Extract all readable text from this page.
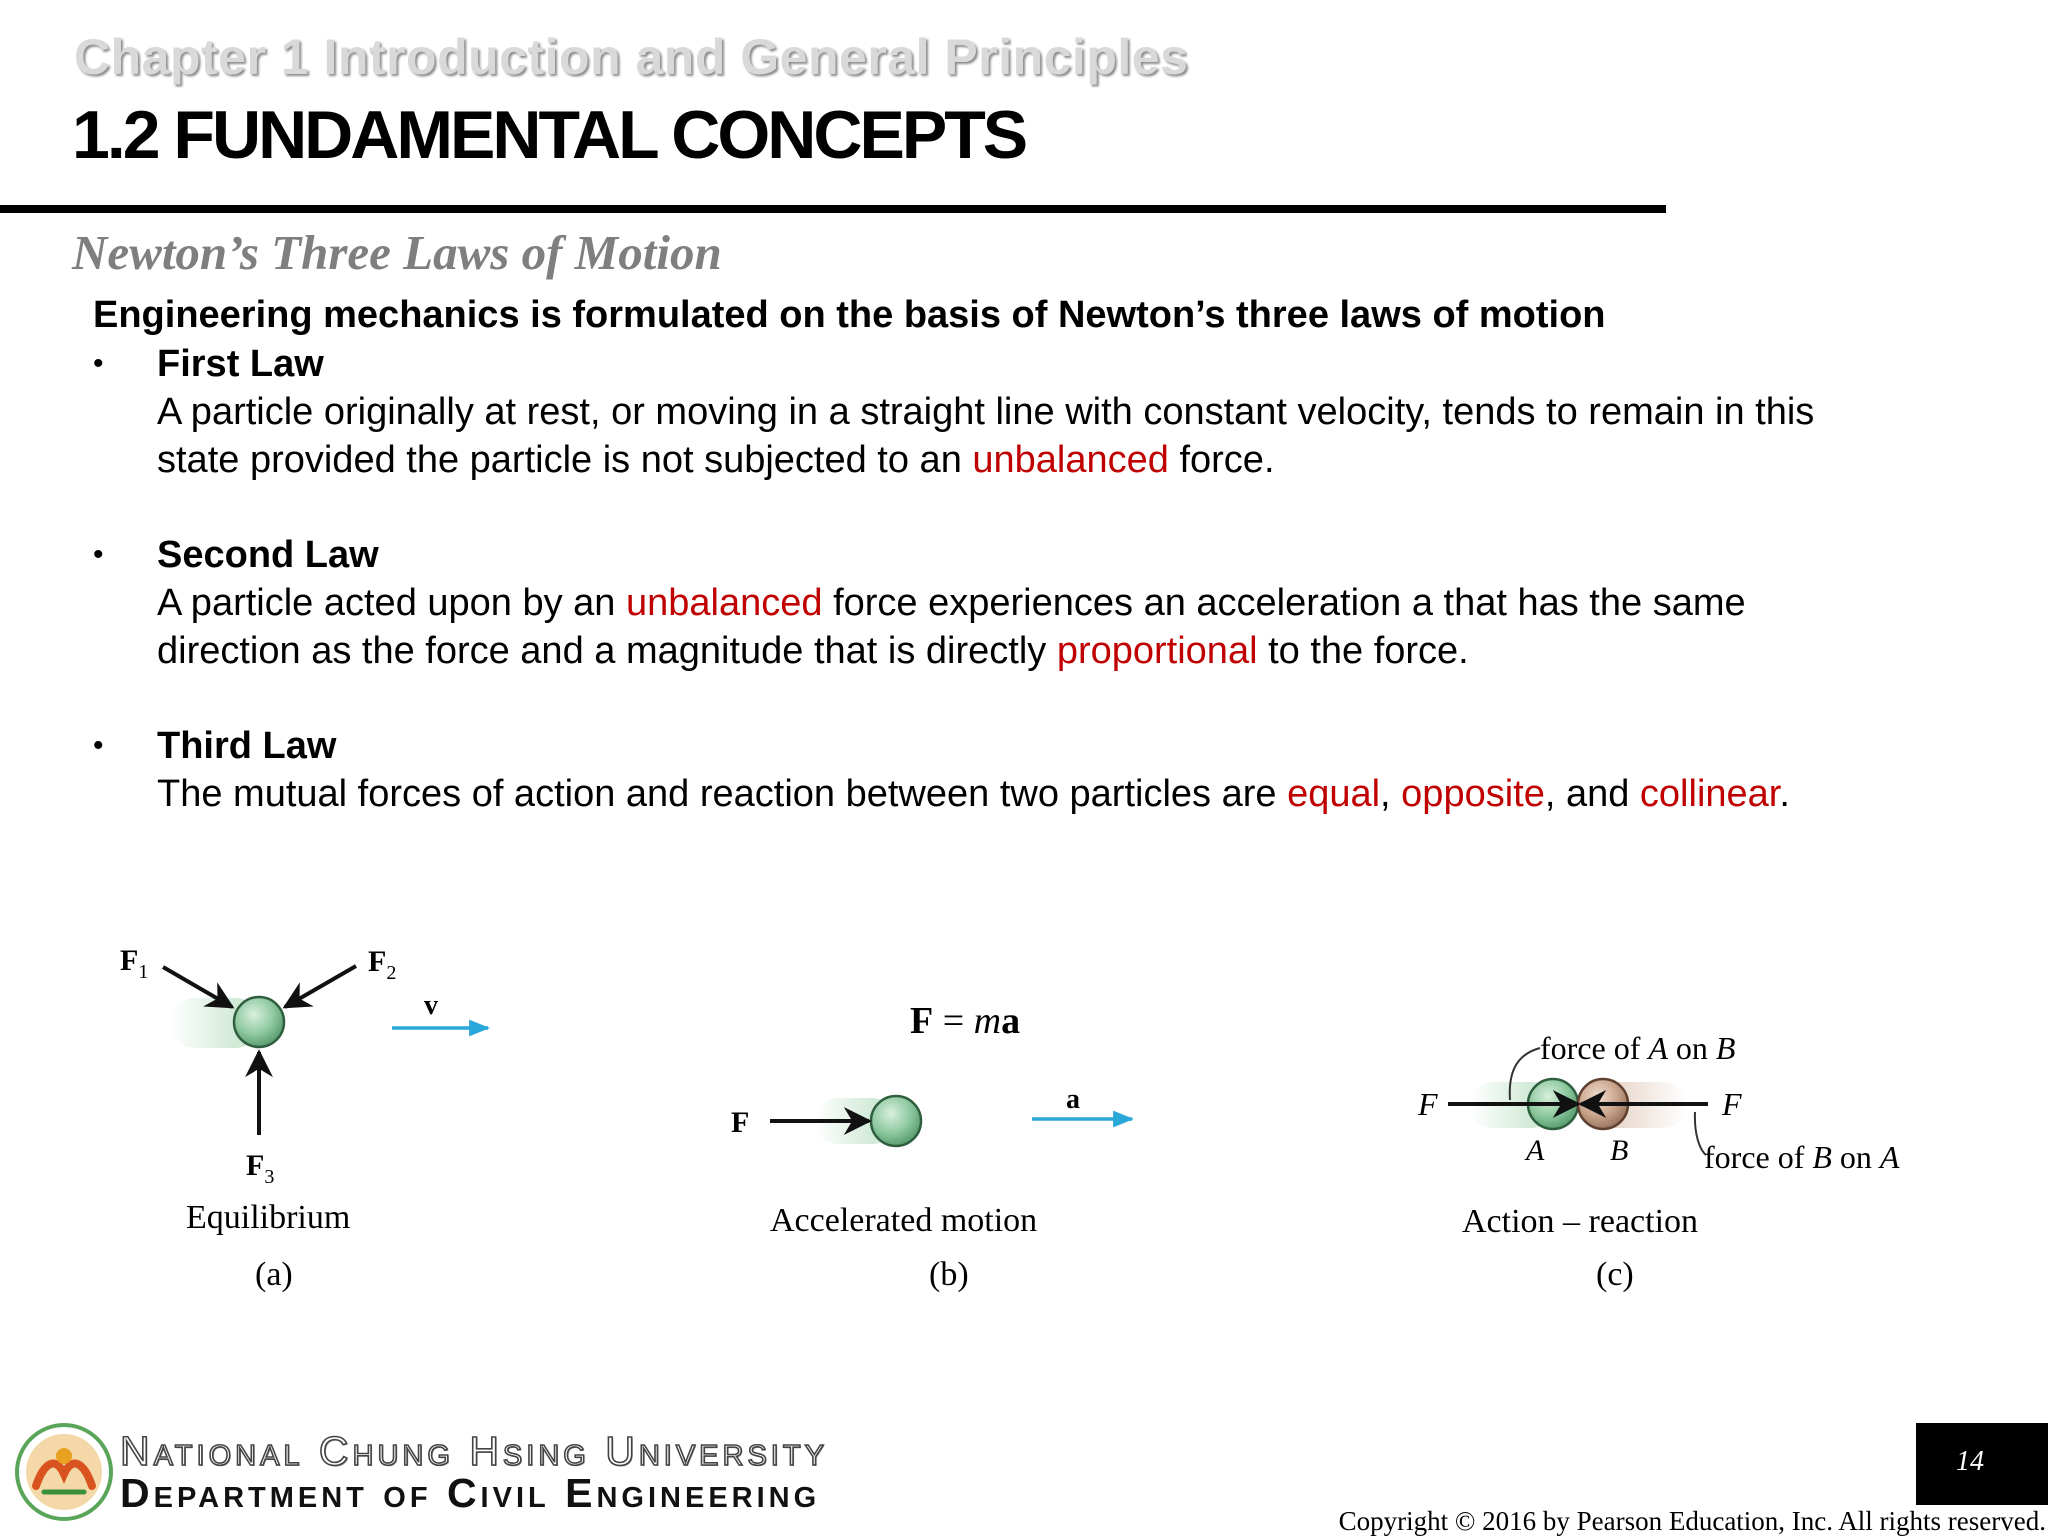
Chapter 1 Introduction and General Principles
1.2 FUNDAMENTAL CONCEPTS
Newton’s Three Laws of Motion
Engineering mechanics is formulated on the basis of Newton’s three laws of motion
• First Law
A particle originally at rest, or moving in a straight line with constant velocity, tends to remain in this
state provided the particle is not subjected to an unbalanced force.
• Second Law
A particle acted upon by an unbalanced force experiences an acceleration a that has the same
direction as the force and a magnitude that is directly proportional to the force.
• Third Law
The mutual forces of action and reaction between two particles are equal, opposite, and collinear.
$F_1$	$F_2$
$F_3$
v
Equilibrium
(a)
F = ma
F
a
Accelerated motion
(b)
F	F
A B
force of A on B
force of B on A
Action – reaction
(c)
National Chung Hsing University
Department of Civil Engineering
14
Copyright © 2016 by Pearson Education, Inc. All rights reserved.
